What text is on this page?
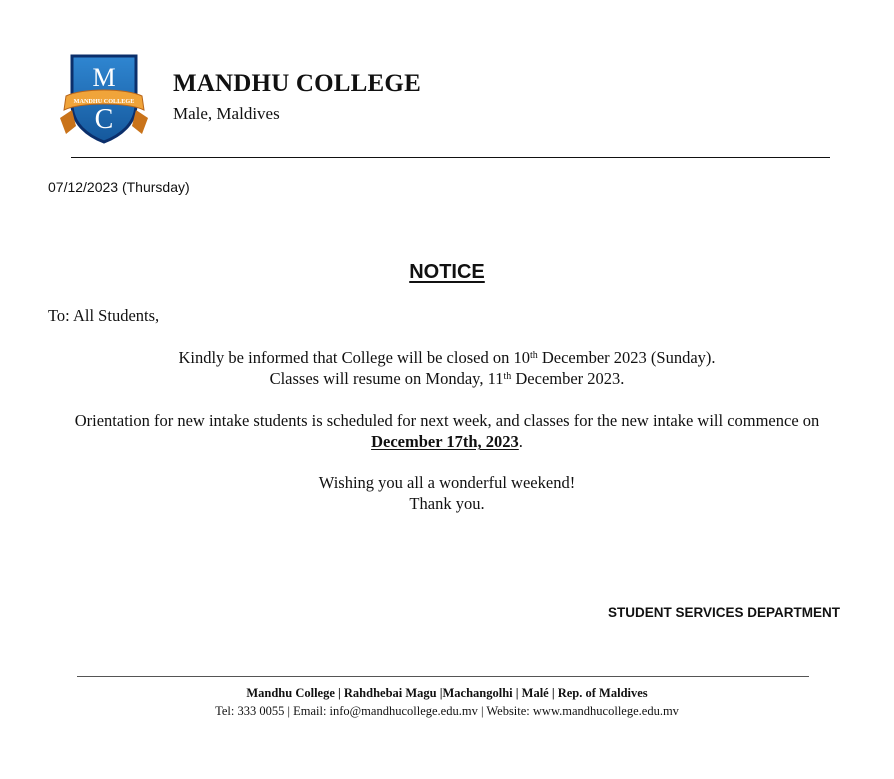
M
C
MANDHU COLLEGE
MANDHU COLLEGE
Male, Maldives
07/12/2023 (Thursday)
NOTICE
To: All Students,
Kindly be informed that College will be closed on 10th December 2023 (Sunday).
Classes will resume on Monday, 11th December 2023.
Orientation for new intake students is scheduled for next week, and classes for the new intake will commence on December 17th, 2023.
Wishing you all a wonderful weekend!
Thank you.
STUDENT SERVICES DEPARTMENT
Mandhu College | Rahdhebai Magu |Machangolhi | Malé | Rep. of Maldives
Tel: 333 0055 | Email: info@mandhucollege.edu.mv | Website: www.mandhucollege.edu.mv
